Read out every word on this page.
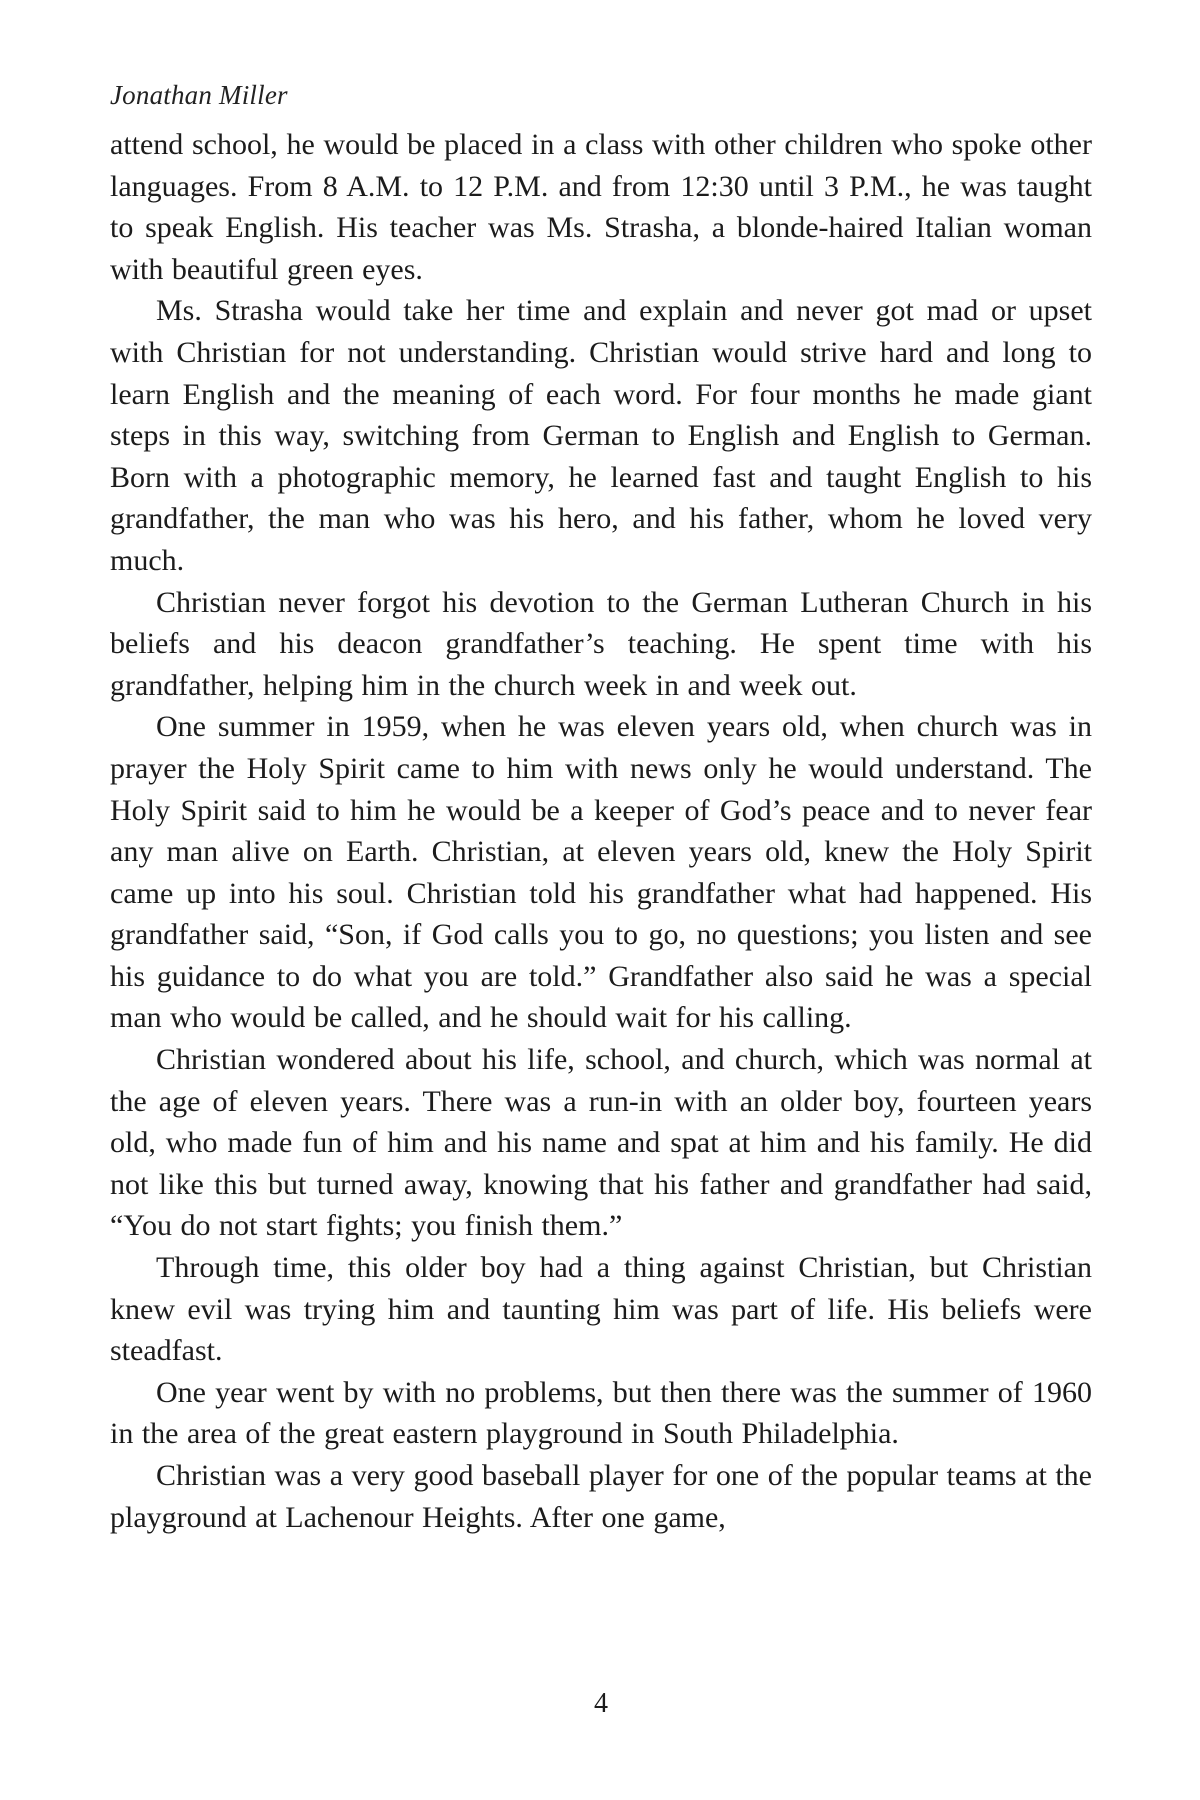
Jonathan Miller

attend school, he would be placed in a class with other children who spoke other languages. From 8 A.M. to 12 P.M. and from 12:30 until 3 P.M., he was taught to speak English. His teacher was Ms. Strasha, a blonde-haired Italian woman with beautiful green eyes.

Ms. Strasha would take her time and explain and never got mad or upset with Christian for not understanding. Christian would strive hard and long to learn English and the meaning of each word. For four months he made giant steps in this way, switching from German to English and English to German. Born with a photographic memory, he learned fast and taught English to his grandfather, the man who was his hero, and his father, whom he loved very much.

Christian never forgot his devotion to the German Lutheran Church in his beliefs and his deacon grandfather’s teaching. He spent time with his grandfather, helping him in the church week in and week out.

One summer in 1959, when he was eleven years old, when church was in prayer the Holy Spirit came to him with news only he would understand. The Holy Spirit said to him he would be a keeper of God’s peace and to never fear any man alive on Earth. Christian, at eleven years old, knew the Holy Spirit came up into his soul. Christian told his grandfather what had happened. His grandfather said, “Son, if God calls you to go, no questions; you listen and see his guidance to do what you are told.” Grandfather also said he was a special man who would be called, and he should wait for his calling.

Christian wondered about his life, school, and church, which was normal at the age of eleven years. There was a run-in with an older boy, fourteen years old, who made fun of him and his name and spat at him and his family. He did not like this but turned away, knowing that his father and grandfather had said, “You do not start fights; you finish them.”

Through time, this older boy had a thing against Christian, but Christian knew evil was trying him and taunting him was part of life. His beliefs were steadfast.

One year went by with no problems, but then there was the summer of 1960 in the area of the great eastern playground in South Philadelphia.

Christian was a very good baseball player for one of the popular teams at the playground at Lachenour Heights. After one game,

4
